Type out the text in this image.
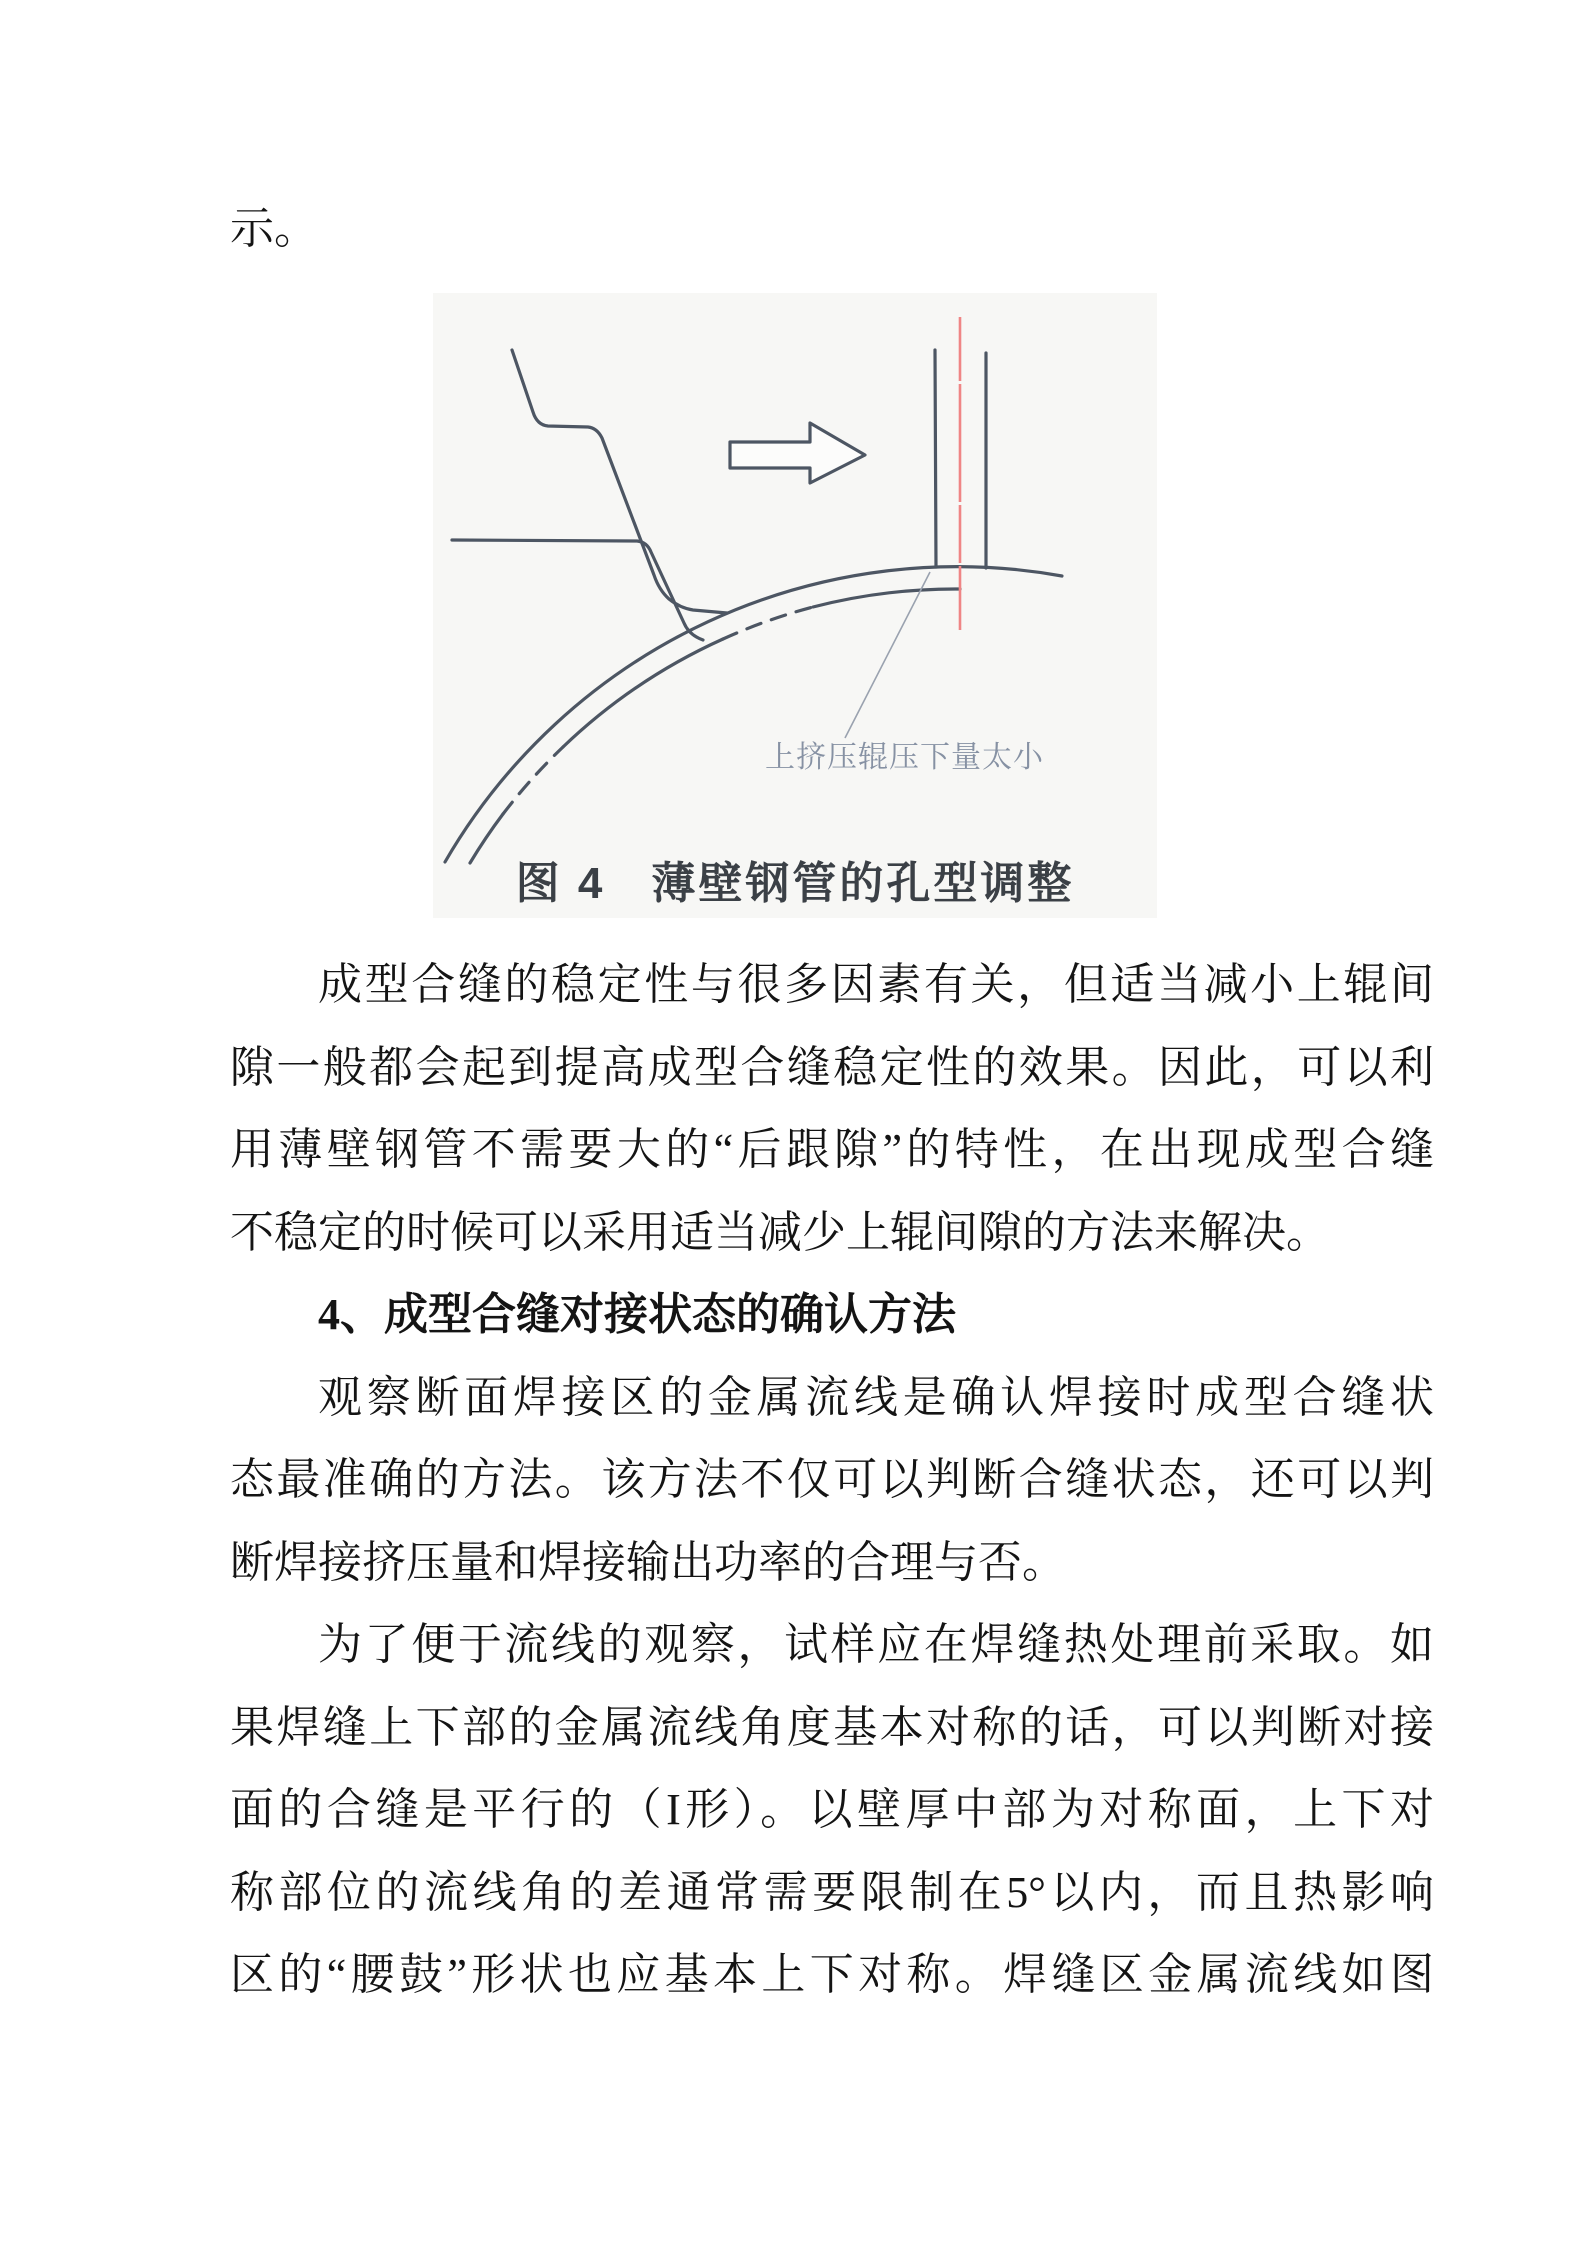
示。
上挤压辊压下量太小
图 4 薄壁钢管的孔型调整
成型合缝的稳定性与很多因素有关，但适当减小上辊间
隙一般都会起到提高成型合缝稳定性的效果。因此，可以利
用薄壁钢管不需要大的“后跟隙”的特性，在出现成型合缝
不稳定的时候可以采用适当减少上辊间隙的方法来解决。
4、成型合缝对接状态的确认方法
观察断面焊接区的金属流线是确认焊接时成型合缝状
态最准确的方法。该方法不仅可以判断合缝状态，还可以判
断焊接挤压量和焊接输出功率的合理与否。
为了便于流线的观察，试样应在焊缝热处理前采取。如
果焊缝上下部的金属流线角度基本对称的话，可以判断对接
面的合缝是平行的（I形）。以壁厚中部为对称面，上下对
称部位的流线角的差通常需要限制在5°以内，而且热影响
区的“腰鼓”形状也应基本上下对称。焊缝区金属流线如图
